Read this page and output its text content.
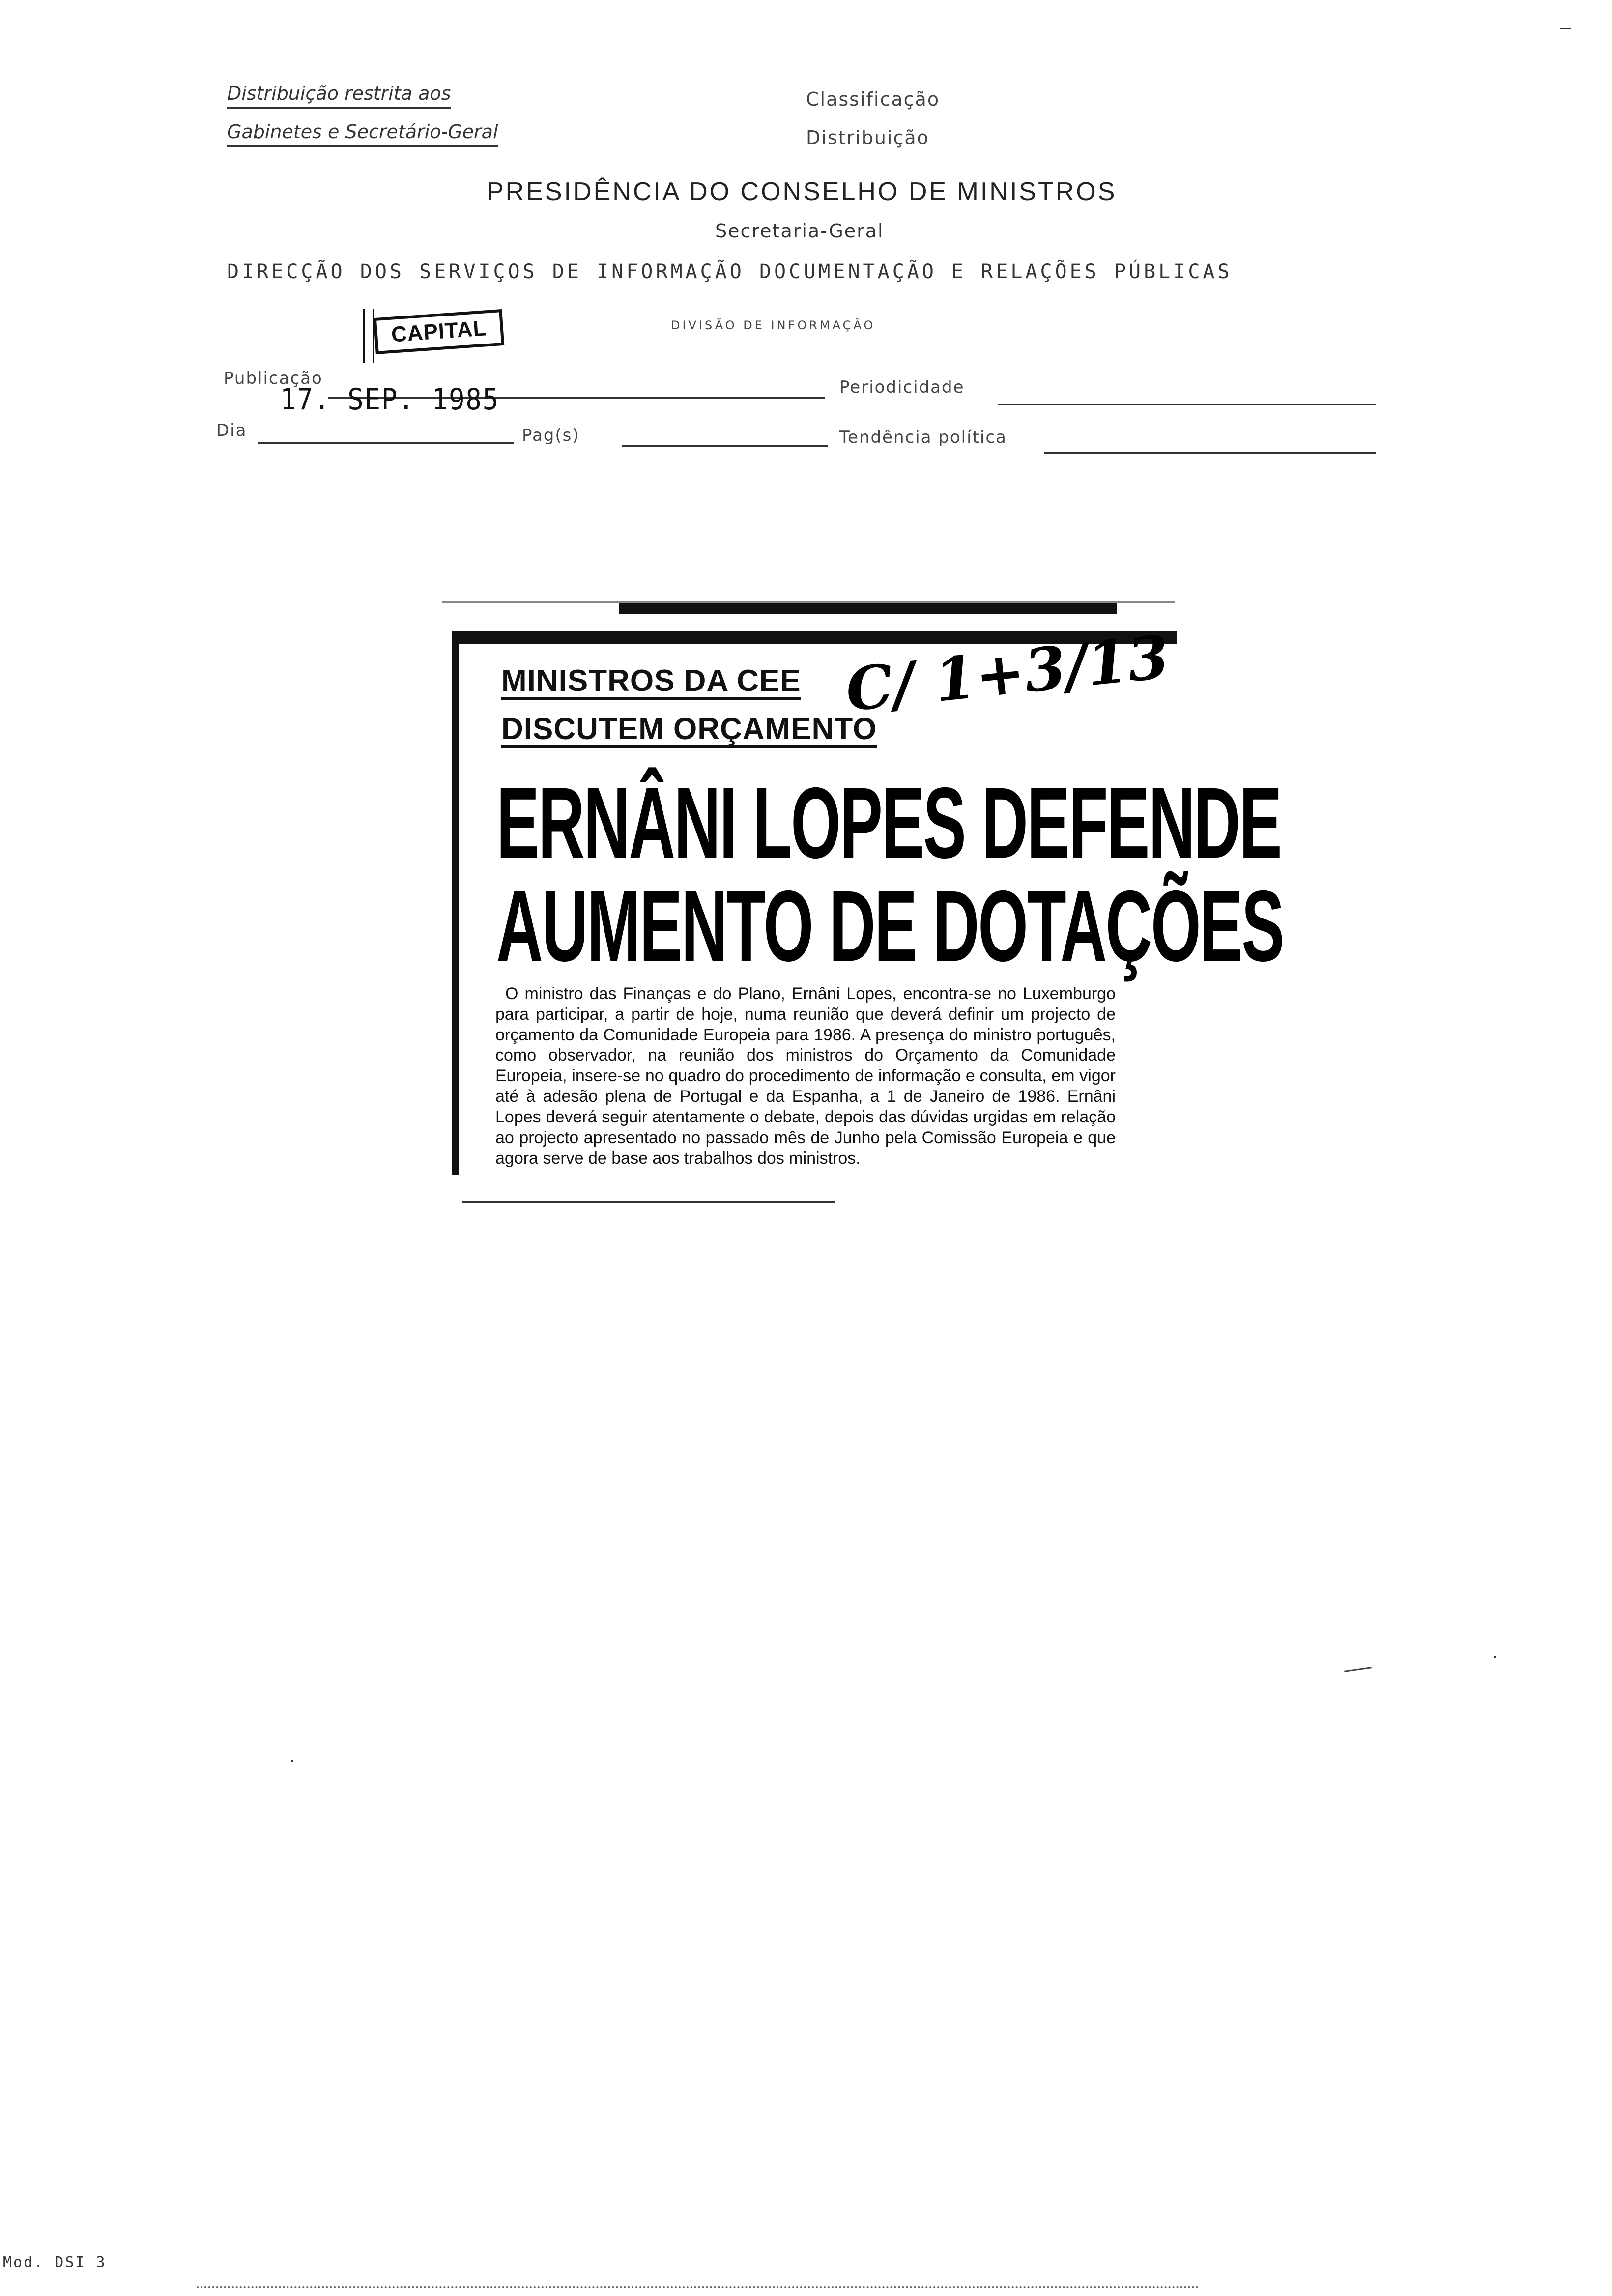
Distribuição restrita aos
Gabinetes e Secretário-Geral
Classificação
Distribuição
PRESIDÊNCIA DO CONSELHO DE MINISTROS
Secretaria-Geral
DIRECÇÃO DOS SERVIÇOS DE INFORMAÇÃO DOCUMENTAÇÃO E RELAÇÕES PÚBLICAS
DIVISÃO DE INFORMAÇÃO
CAPITAL
Publicação
17. SEP. 1985	Periodicidade
Dia	Pag(s)	Tendência política
MINISTROS DA CEE
DISCUTEM ORÇAMENTO
C/ 1+3/13
ERNÂNI LOPES DEFENDE
AUMENTO DE DOTAÇÕES
O ministro das Finanças e do Plano, Ernâni Lopes, encontra-se no Luxemburgo para participar, a partir de hoje, numa reunião que deverá definir um projecto de orçamento da Comunidade Europeia para 1986. A presença do ministro português, como observador, na reunião dos ministros do Orçamento da Comunidade Europeia, insere-se no quadro do procedimento de informação e consulta, em vigor até à adesão plena de Portugal e da Espanha, a 1 de Janeiro de 1986. Ernâni Lopes deverá seguir atentamente o debate, depois das dúvidas urgidas em relação ao projecto apresentado no passado mês de Junho pela Comissão Europeia e que agora serve de base aos trabalhos dos ministros.
Mod. DSI 3
